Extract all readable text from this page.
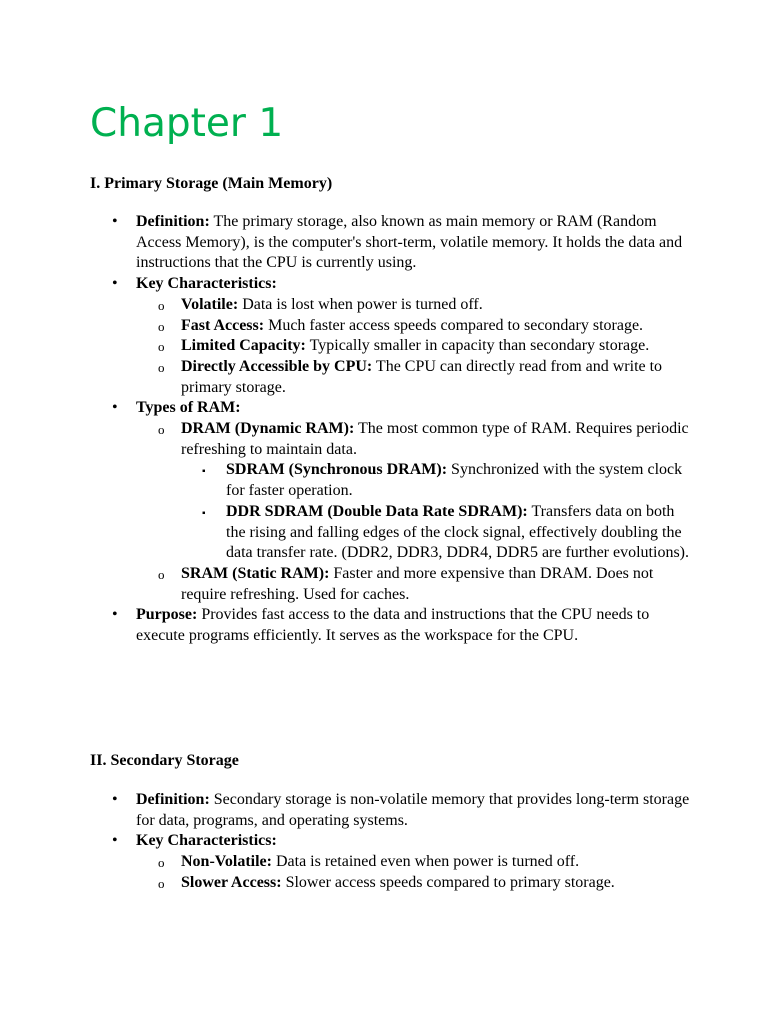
Chapter 1
I. Primary Storage (Main Memory)
• Definition: The primary storage, also known as main memory or RAM (Random Access Memory), is the computer's short-term, volatile memory. It holds the data and instructions that the CPU is currently using.
• Key Characteristics:
o Volatile: Data is lost when power is turned off.
o Fast Access: Much faster access speeds compared to secondary storage.
o Limited Capacity: Typically smaller in capacity than secondary storage.
o Directly Accessible by CPU: The CPU can directly read from and write to primary storage.
• Types of RAM:
o DRAM (Dynamic RAM): The most common type of RAM. Requires periodic refreshing to maintain data.
▪ SDRAM (Synchronous DRAM): Synchronized with the system clock for faster operation.
▪ DDR SDRAM (Double Data Rate SDRAM): Transfers data on both the rising and falling edges of the clock signal, effectively doubling the data transfer rate. (DDR2, DDR3, DDR4, DDR5 are further evolutions).
o SRAM (Static RAM): Faster and more expensive than DRAM. Does not require refreshing. Used for caches.
• Purpose: Provides fast access to the data and instructions that the CPU needs to execute programs efficiently. It serves as the workspace for the CPU.
II. Secondary Storage
• Definition: Secondary storage is non-volatile memory that provides long-term storage for data, programs, and operating systems.
• Key Characteristics:
o Non-Volatile: Data is retained even when power is turned off.
o Slower Access: Slower access speeds compared to primary storage.
